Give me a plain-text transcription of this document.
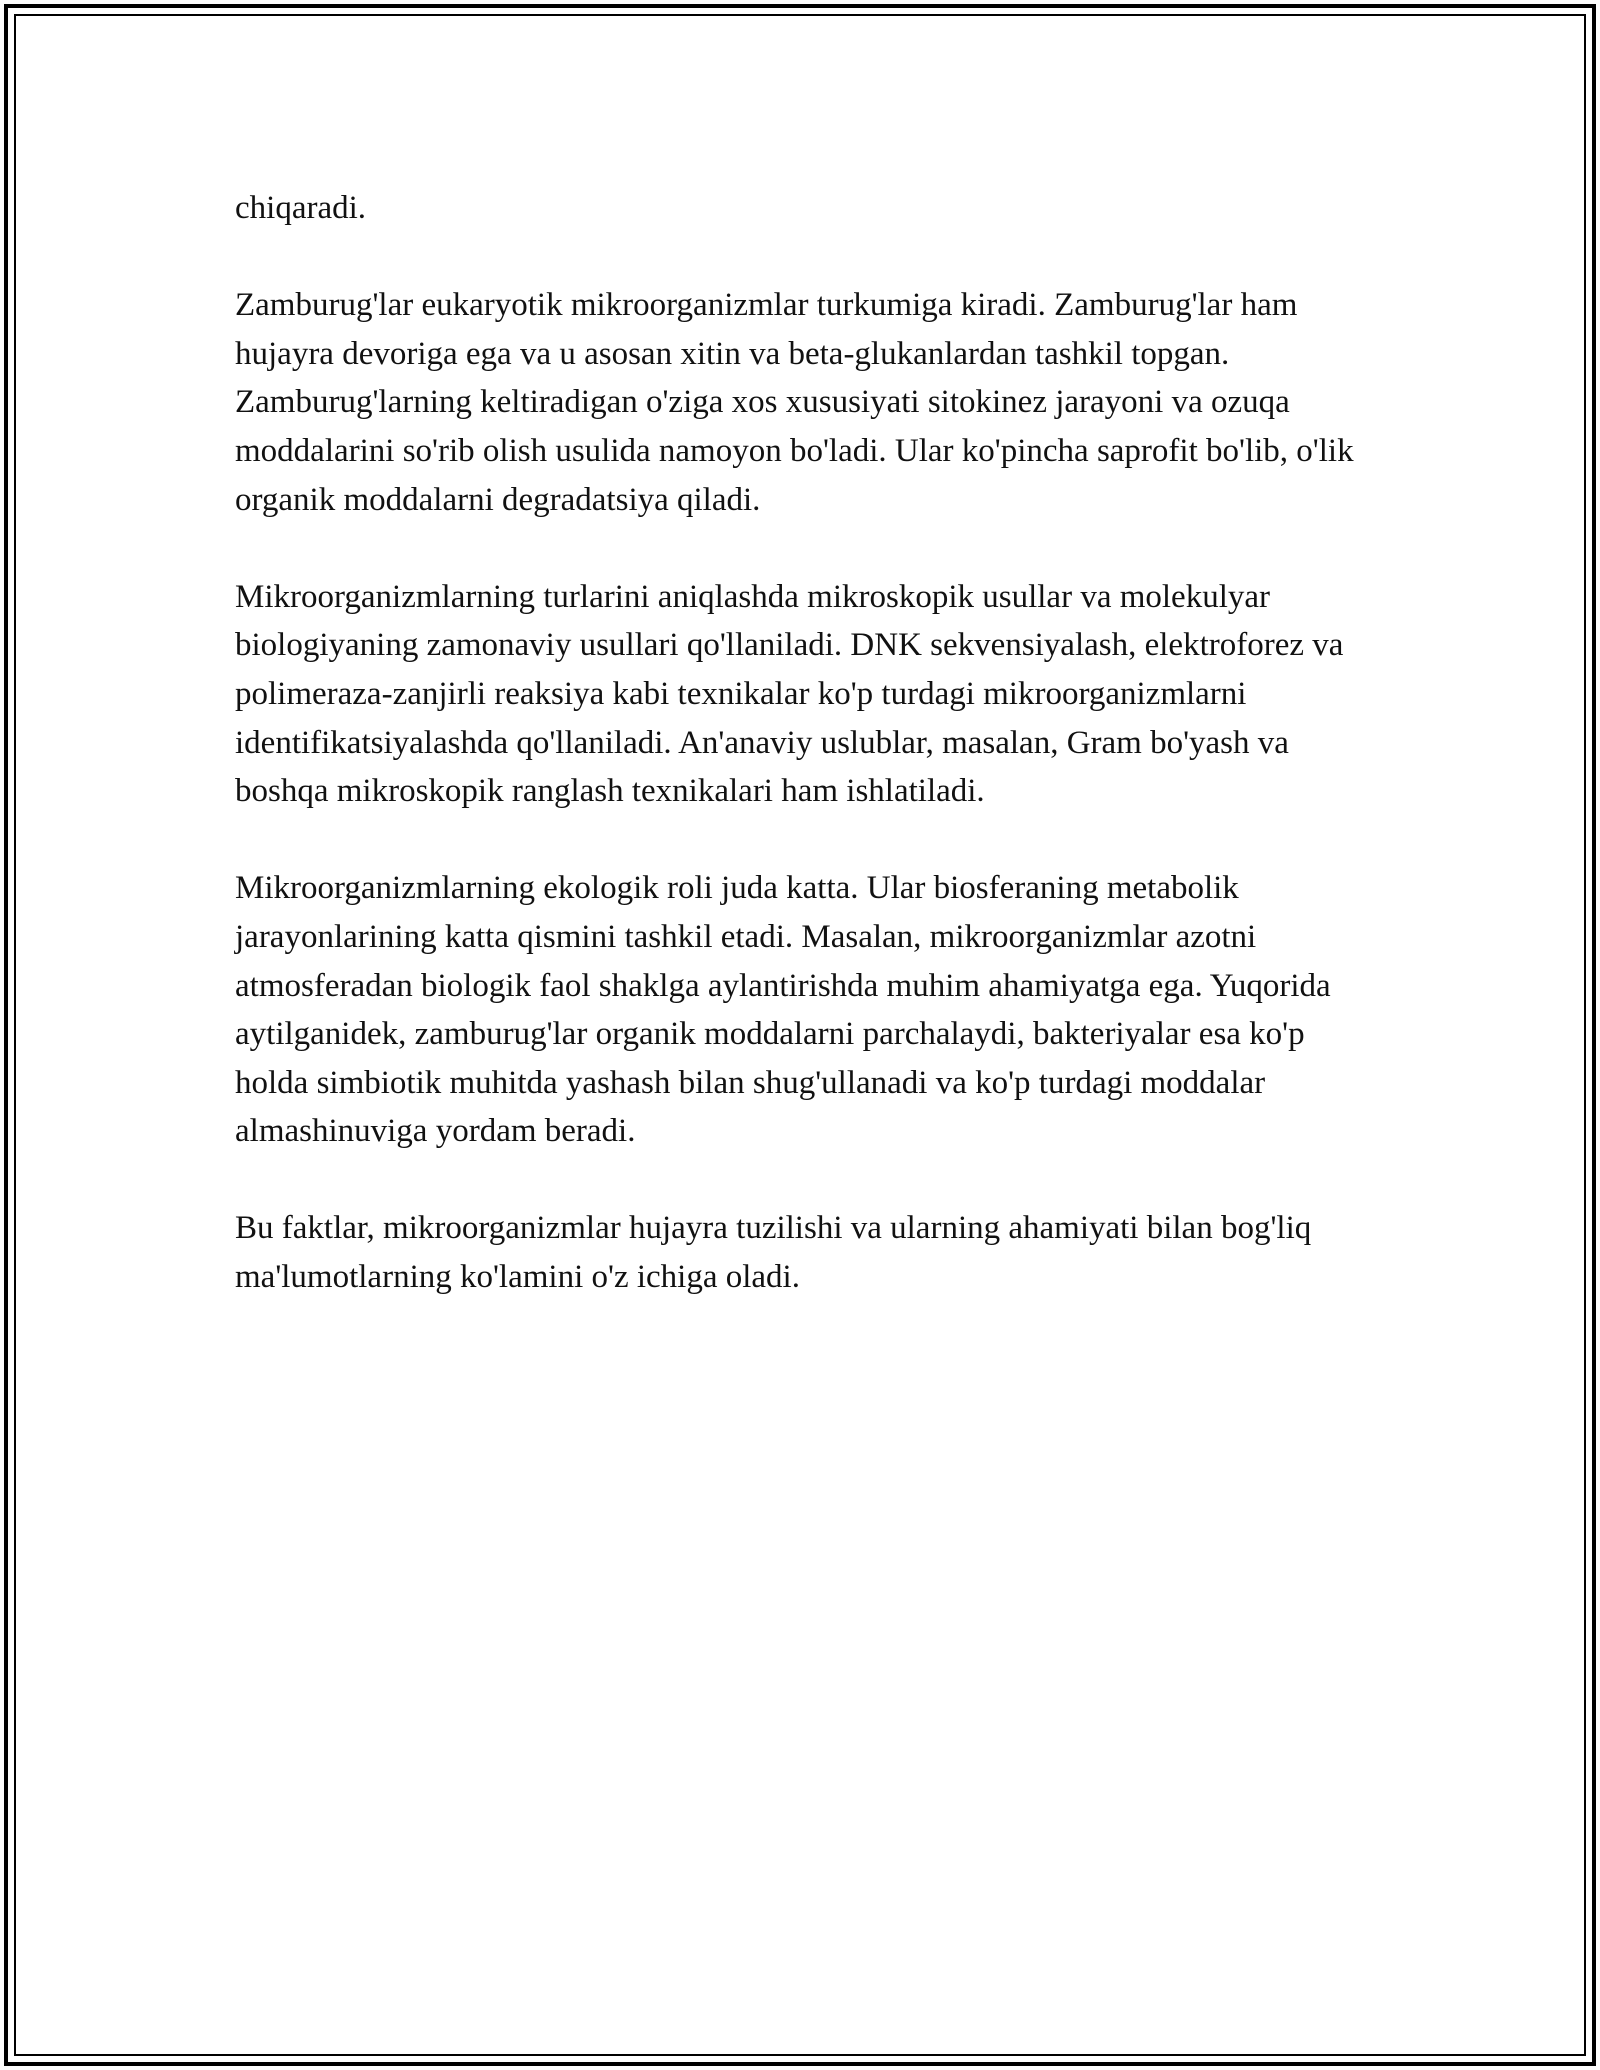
chiqaradi.

Zamburug'lar eukaryotik mikroorganizmlar turkumiga kiradi. Zamburug'lar ham hujayra devoriga ega va u asosan xitin va beta-glukanlardan tashkil topgan. Zamburug'larning keltiradigan o'ziga xos xususiyati sitokinez jarayoni va ozuqa moddalarini so'rib olish usulida namoyon bo'ladi. Ular ko'pincha saprofit bo'lib, o'lik organik moddalarni degradatsiya qiladi.

Mikroorganizmlarning turlarini aniqlashda mikroskopik usullar va molekulyar biologiyaning zamonaviy usullari qo'llaniladi. DNK sekvensiyalash, elektroforez va polimeraza-zanjirli reaksiya kabi texnikalar ko'p turdagi mikroorganizmlarni identifikatsiyalashda qo'llaniladi. An'anaviy uslublar, masalan, Gram bo'yash va boshqa mikroskopik ranglash texnikalari ham ishlatiladi.

Mikroorganizmlarning ekologik roli juda katta. Ular biosferaning metabolik jarayonlarining katta qismini tashkil etadi. Masalan, mikroorganizmlar azotni atmosferadan biologik faol shaklga aylantirishda muhim ahamiyatga ega. Yuqorida aytilganidek, zamburug'lar organik moddalarni parchalaydi, bakteriyalar esa ko'p holda simbiotik muhitda yashash bilan shug'ullanadi va ko'p turdagi moddalar almashinuviga yordam beradi.

Bu faktlar, mikroorganizmlar hujayra tuzilishi va ularning ahamiyati bilan bog'liq ma'lumotlarning ko'lamini o'z ichiga oladi.
